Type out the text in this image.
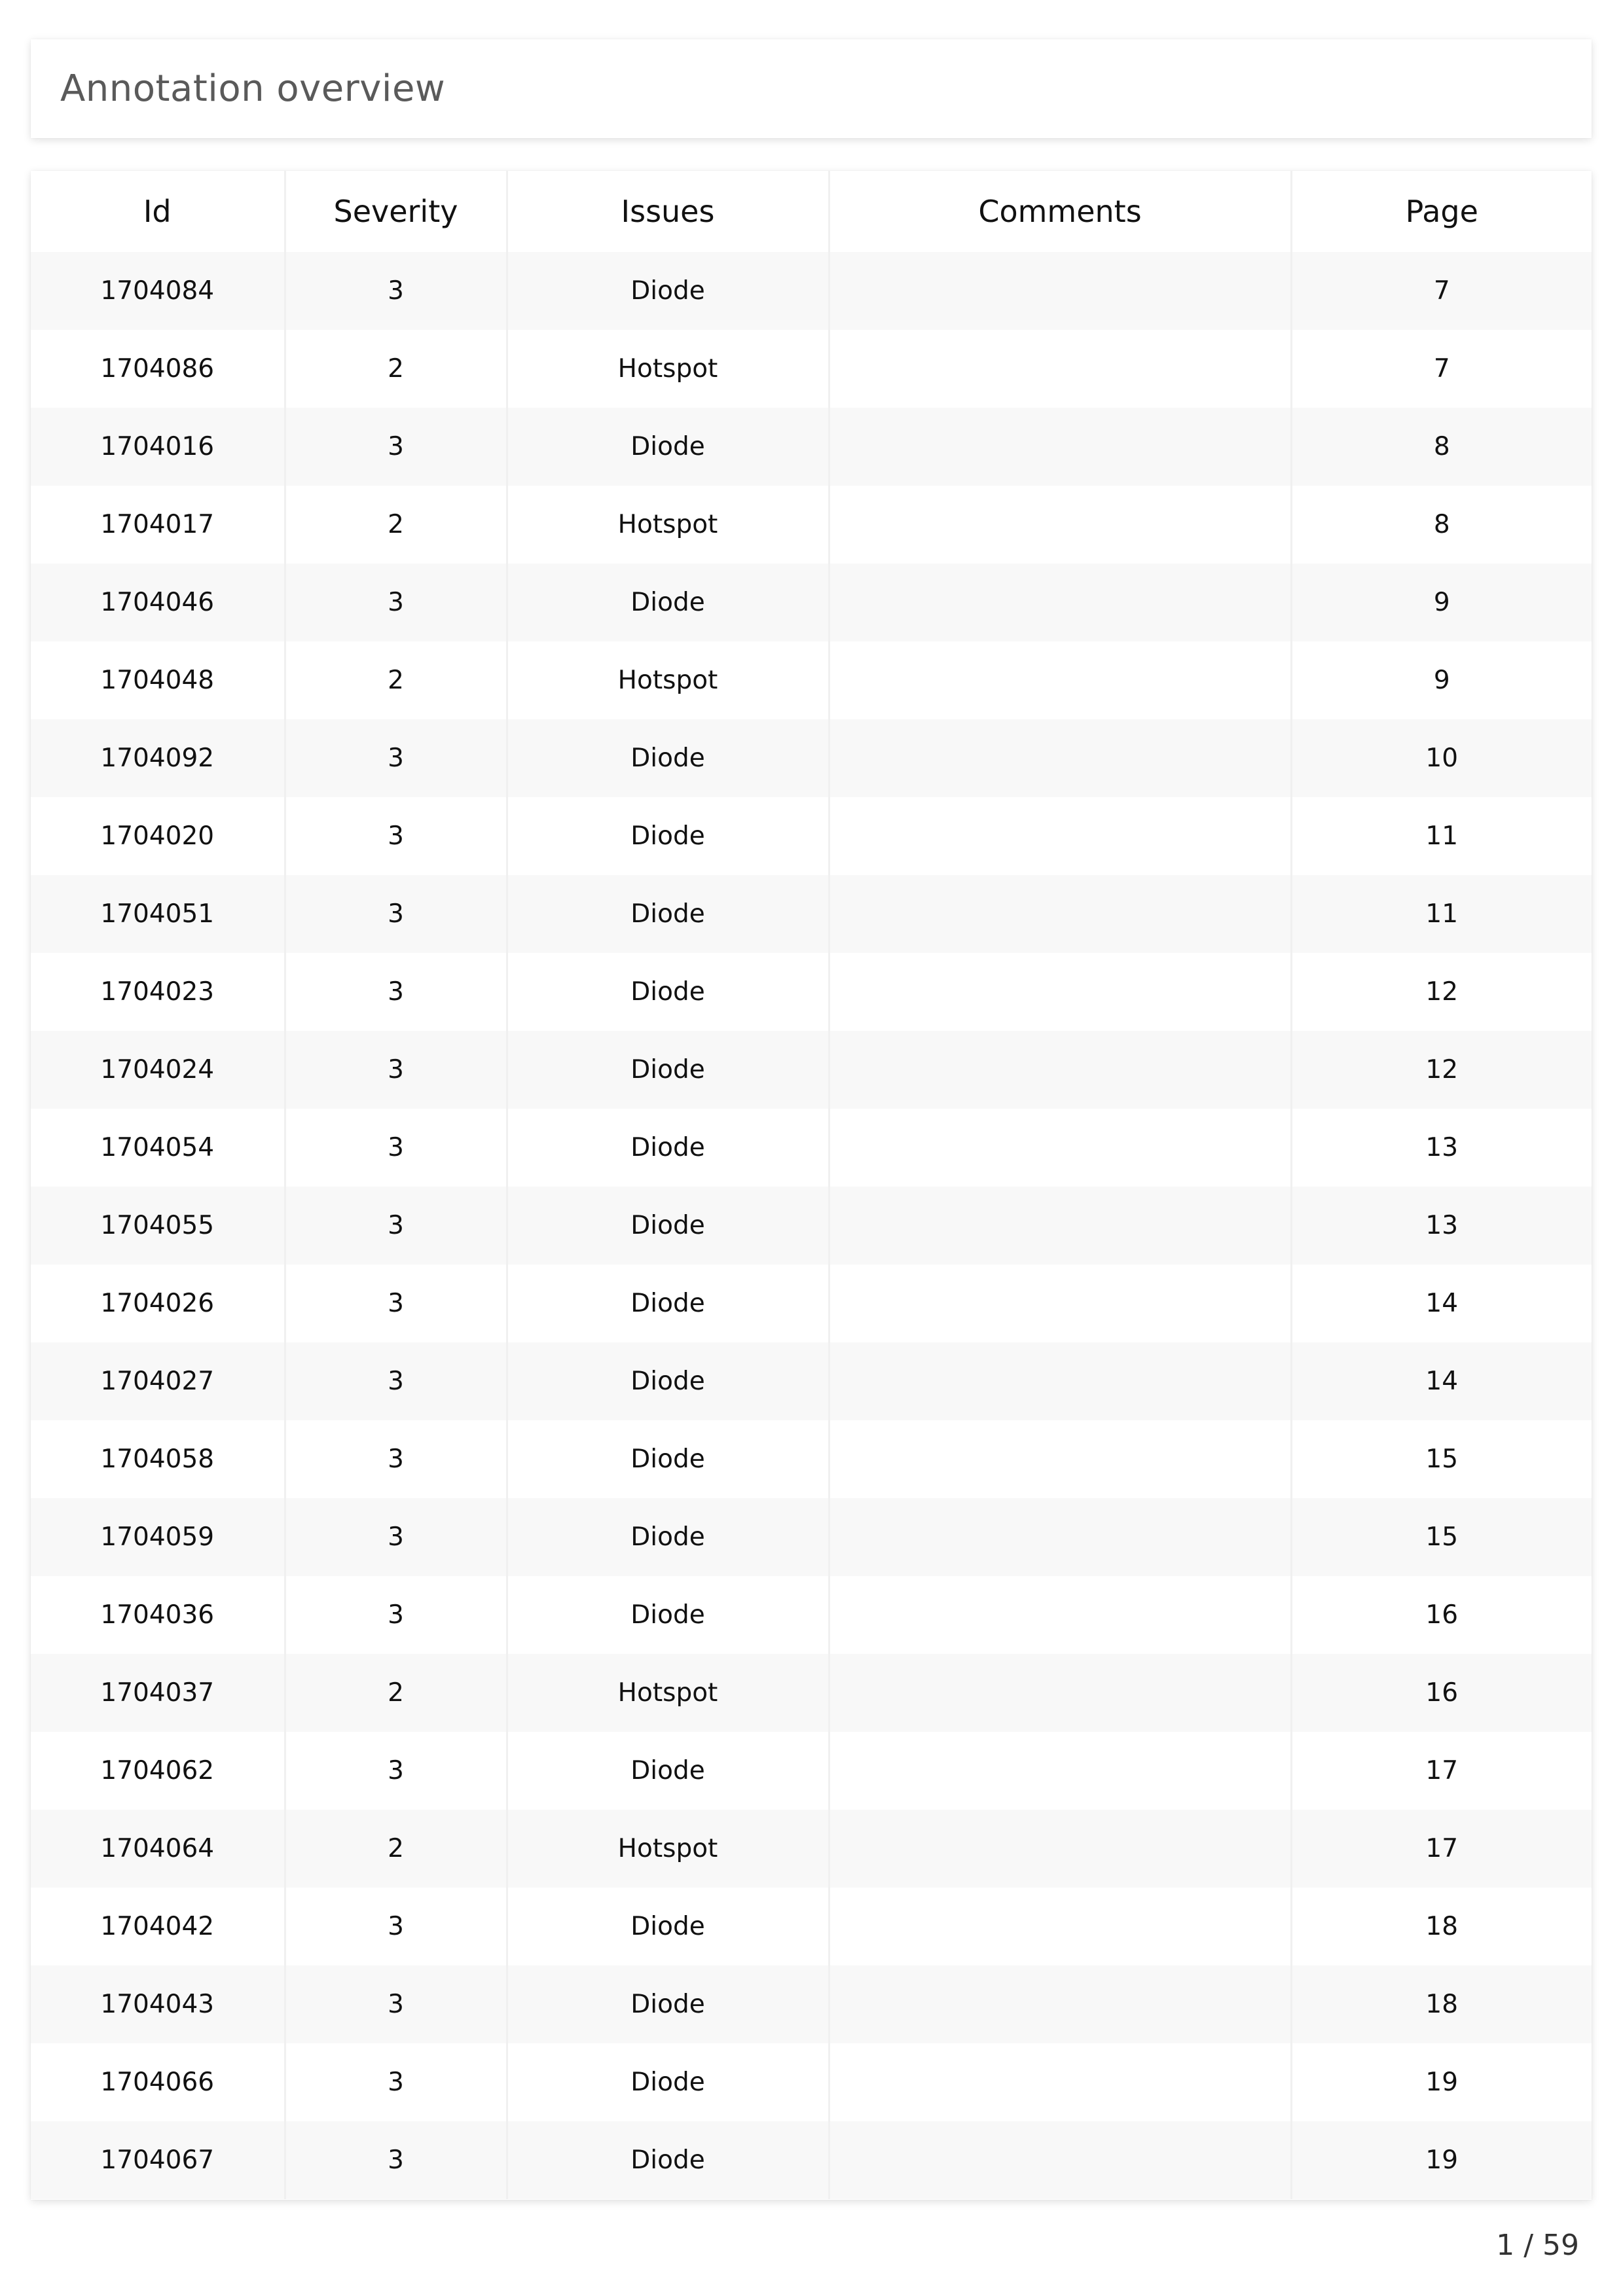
Annotation overview
Id	Severity	Issues	Comments	Page
1704084	3	Diode		7
1704086	2	Hotspot		7
1704016	3	Diode		8
1704017	2	Hotspot		8
1704046	3	Diode		9
1704048	2	Hotspot		9
1704092	3	Diode		10
1704020	3	Diode		11
1704051	3	Diode		11
1704023	3	Diode		12
1704024	3	Diode		12
1704054	3	Diode		13
1704055	3	Diode		13
1704026	3	Diode		14
1704027	3	Diode		14
1704058	3	Diode		15
1704059	3	Diode		15
1704036	3	Diode		16
1704037	2	Hotspot		16
1704062	3	Diode		17
1704064	2	Hotspot		17
1704042	3	Diode		18
1704043	3	Diode		18
1704066	3	Diode		19
1704067	3	Diode		19
1 / 59
